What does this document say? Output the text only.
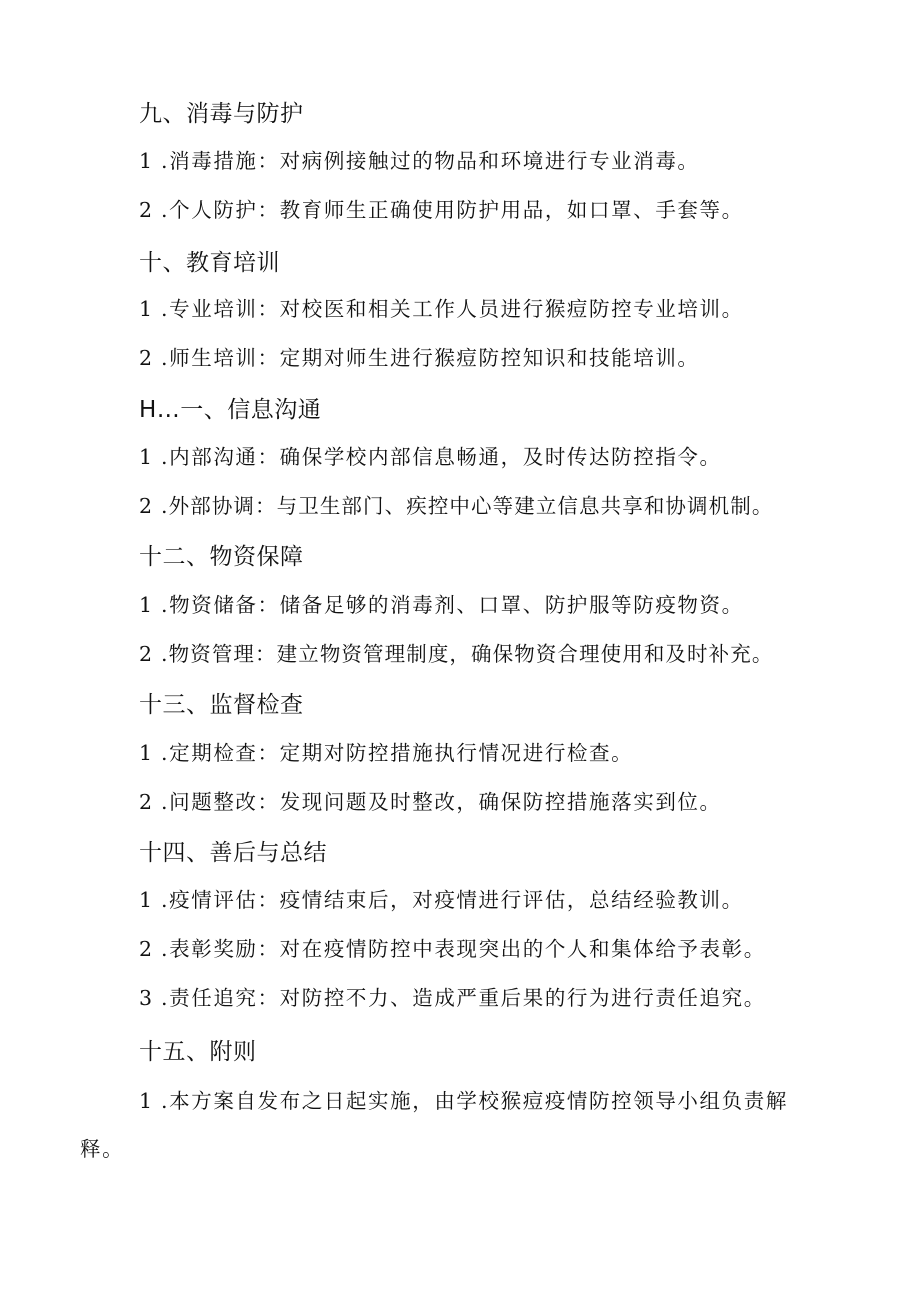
九、消毒与防护
1 .消毒措施：对病例接触过的物品和环境进行专业消毒。
2 .个人防护：教育师生正确使用防护用品，如口罩、手套等。
十、教育培训
1 .专业培训：对校医和相关工作人员进行猴痘防控专业培训。
2 .师生培训：定期对师生进行猴痘防控知识和技能培训。
H…一、信息沟通
1 .内部沟通：确保学校内部信息畅通，及时传达防控指令。
2 .外部协调：与卫生部门、疾控中心等建立信息共享和协调机制。
十二、物资保障
1 .物资储备：储备足够的消毒剂、口罩、防护服等防疫物资。
2 .物资管理：建立物资管理制度，确保物资合理使用和及时补充。
十三、监督检查
1 .定期检查：定期对防控措施执行情况进行检查。
2 .问题整改：发现问题及时整改，确保防控措施落实到位。
十四、善后与总结
1 .疫情评估：疫情结束后，对疫情进行评估，总结经验教训。
2 .表彰奖励：对在疫情防控中表现突出的个人和集体给予表彰。
3 .责任追究：对防控不力、造成严重后果的行为进行责任追究。
十五、附则
1 .本方案自发布之日起实施，由学校猴痘疫情防控领导小组负责解
释。
